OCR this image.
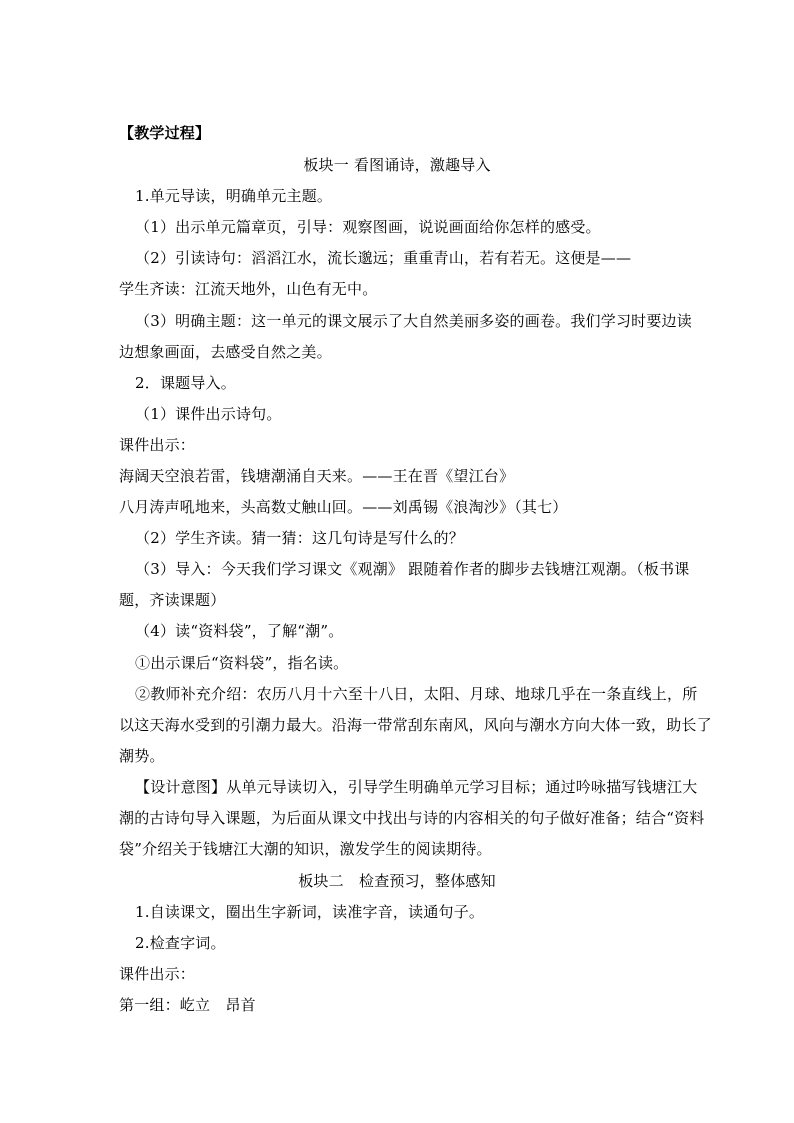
【教学过程】
板块一 看图诵诗，激趣导入
1.单元导读，明确单元主题。
（1）出示单元篇章页，引导：观察图画，说说画面给你怎样的感受。
（2）引读诗句：滔滔江水，流长邈远；重重青山，若有若无。这便是——
学生齐读：江流天地外，山色有无中。
（3）明确主题：这一单元的课文展示了大自然美丽多姿的画卷。我们学习时要边读
边想象画面，去感受自然之美。
2．课题导入。
（1）课件出示诗句。
课件出示：
海阔天空浪若雷，钱塘潮涌自天来。——王在晋《望江台》
八月涛声吼地来，头高数丈触山回。——刘禹锡《浪淘沙》（其七）
（2）学生齐读。猜一猜：这几句诗是写什么的？
（3）导入：今天我们学习课文《观潮》 跟随着作者的脚步去钱塘江观潮。（板书课
题，齐读课题）
（4）读“资料袋”，了解“潮”。
①出示课后“资料袋”，指名读。
②教师补充介绍：农历八月十六至十八日，太阳、月球、地球几乎在一条直线上，所
以这天海水受到的引潮力最大。沿海一带常刮东南风，风向与潮水方向大体一致，助长了
潮势。
【设计意图】从单元导读切入，引导学生明确单元学习目标；通过吟咏描写钱塘江大
潮的古诗句导入课题，为后面从课文中找出与诗的内容相关的句子做好准备；结合“资料
袋”介绍关于钱塘江大潮的知识，激发学生的阅读期待。
板块二　检查预习，整体感知
1.自读课文，圈出生字新词，读准字音，读通句子。
2.检查字词。
课件出示：
第一组：屹立　昂首
